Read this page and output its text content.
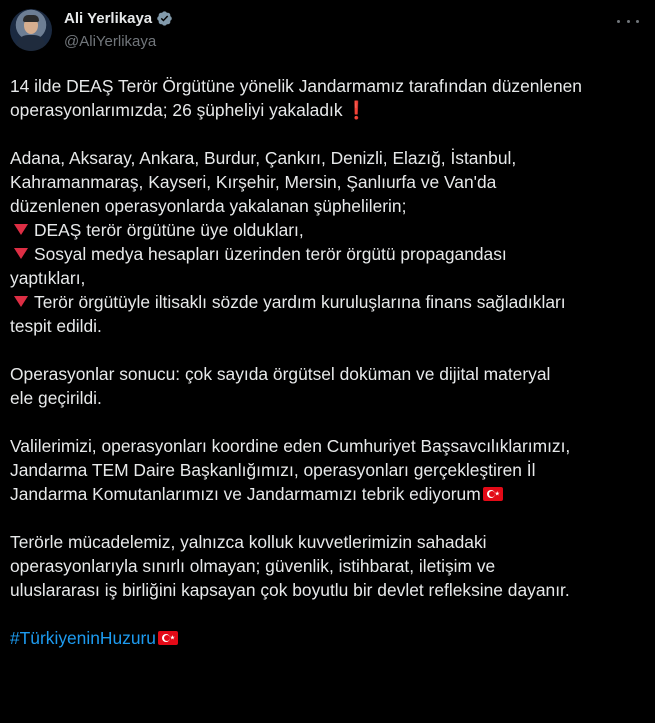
Ali Yerlikaya
@AliYerlikaya
14 ilde DEAŞ Terör Örgütüne yönelik Jandarmamız tarafından düzenlenen
operasyonlarımızda; 26 şüpheliyi yakaladık ❗
Adana, Aksaray, Ankara, Burdur, Çankırı, Denizli, Elazığ, İstanbul,
Kahramanmaraş, Kayseri, Kırşehir, Mersin, Şanlıurfa ve Van'da
düzenlenen operasyonlarda yakalanan şüphelilerin;
DEAŞ terör örgütüne üye oldukları,
Sosyal medya hesapları üzerinden terör örgütü propagandası
yaptıkları,
Terör örgütüyle iltisaklı sözde yardım kuruluşlarına finans sağladıkları
tespit edildi.
Operasyonlar sonucu: çok sayıda örgütsel doküman ve dijital materyal
ele geçirildi.
Valilerimizi, operasyonları koordine eden Cumhuriyet Başsavcılıklarımızı,
Jandarma TEM Daire Başkanlığımızı, operasyonları gerçekleştiren İl
Jandarma Komutanlarımızı ve Jandarmamızı tebrik ediyorum
Terörle mücadelemiz, yalnızca kolluk kuvvetlerimizin sahadaki
operasyonlarıyla sınırlı olmayan; güvenlik, istihbarat, iletişim ve
uluslararası iş birliğini kapsayan çok boyutlu bir devlet refleksine dayanır.
#TürkiyeninHuzuru
